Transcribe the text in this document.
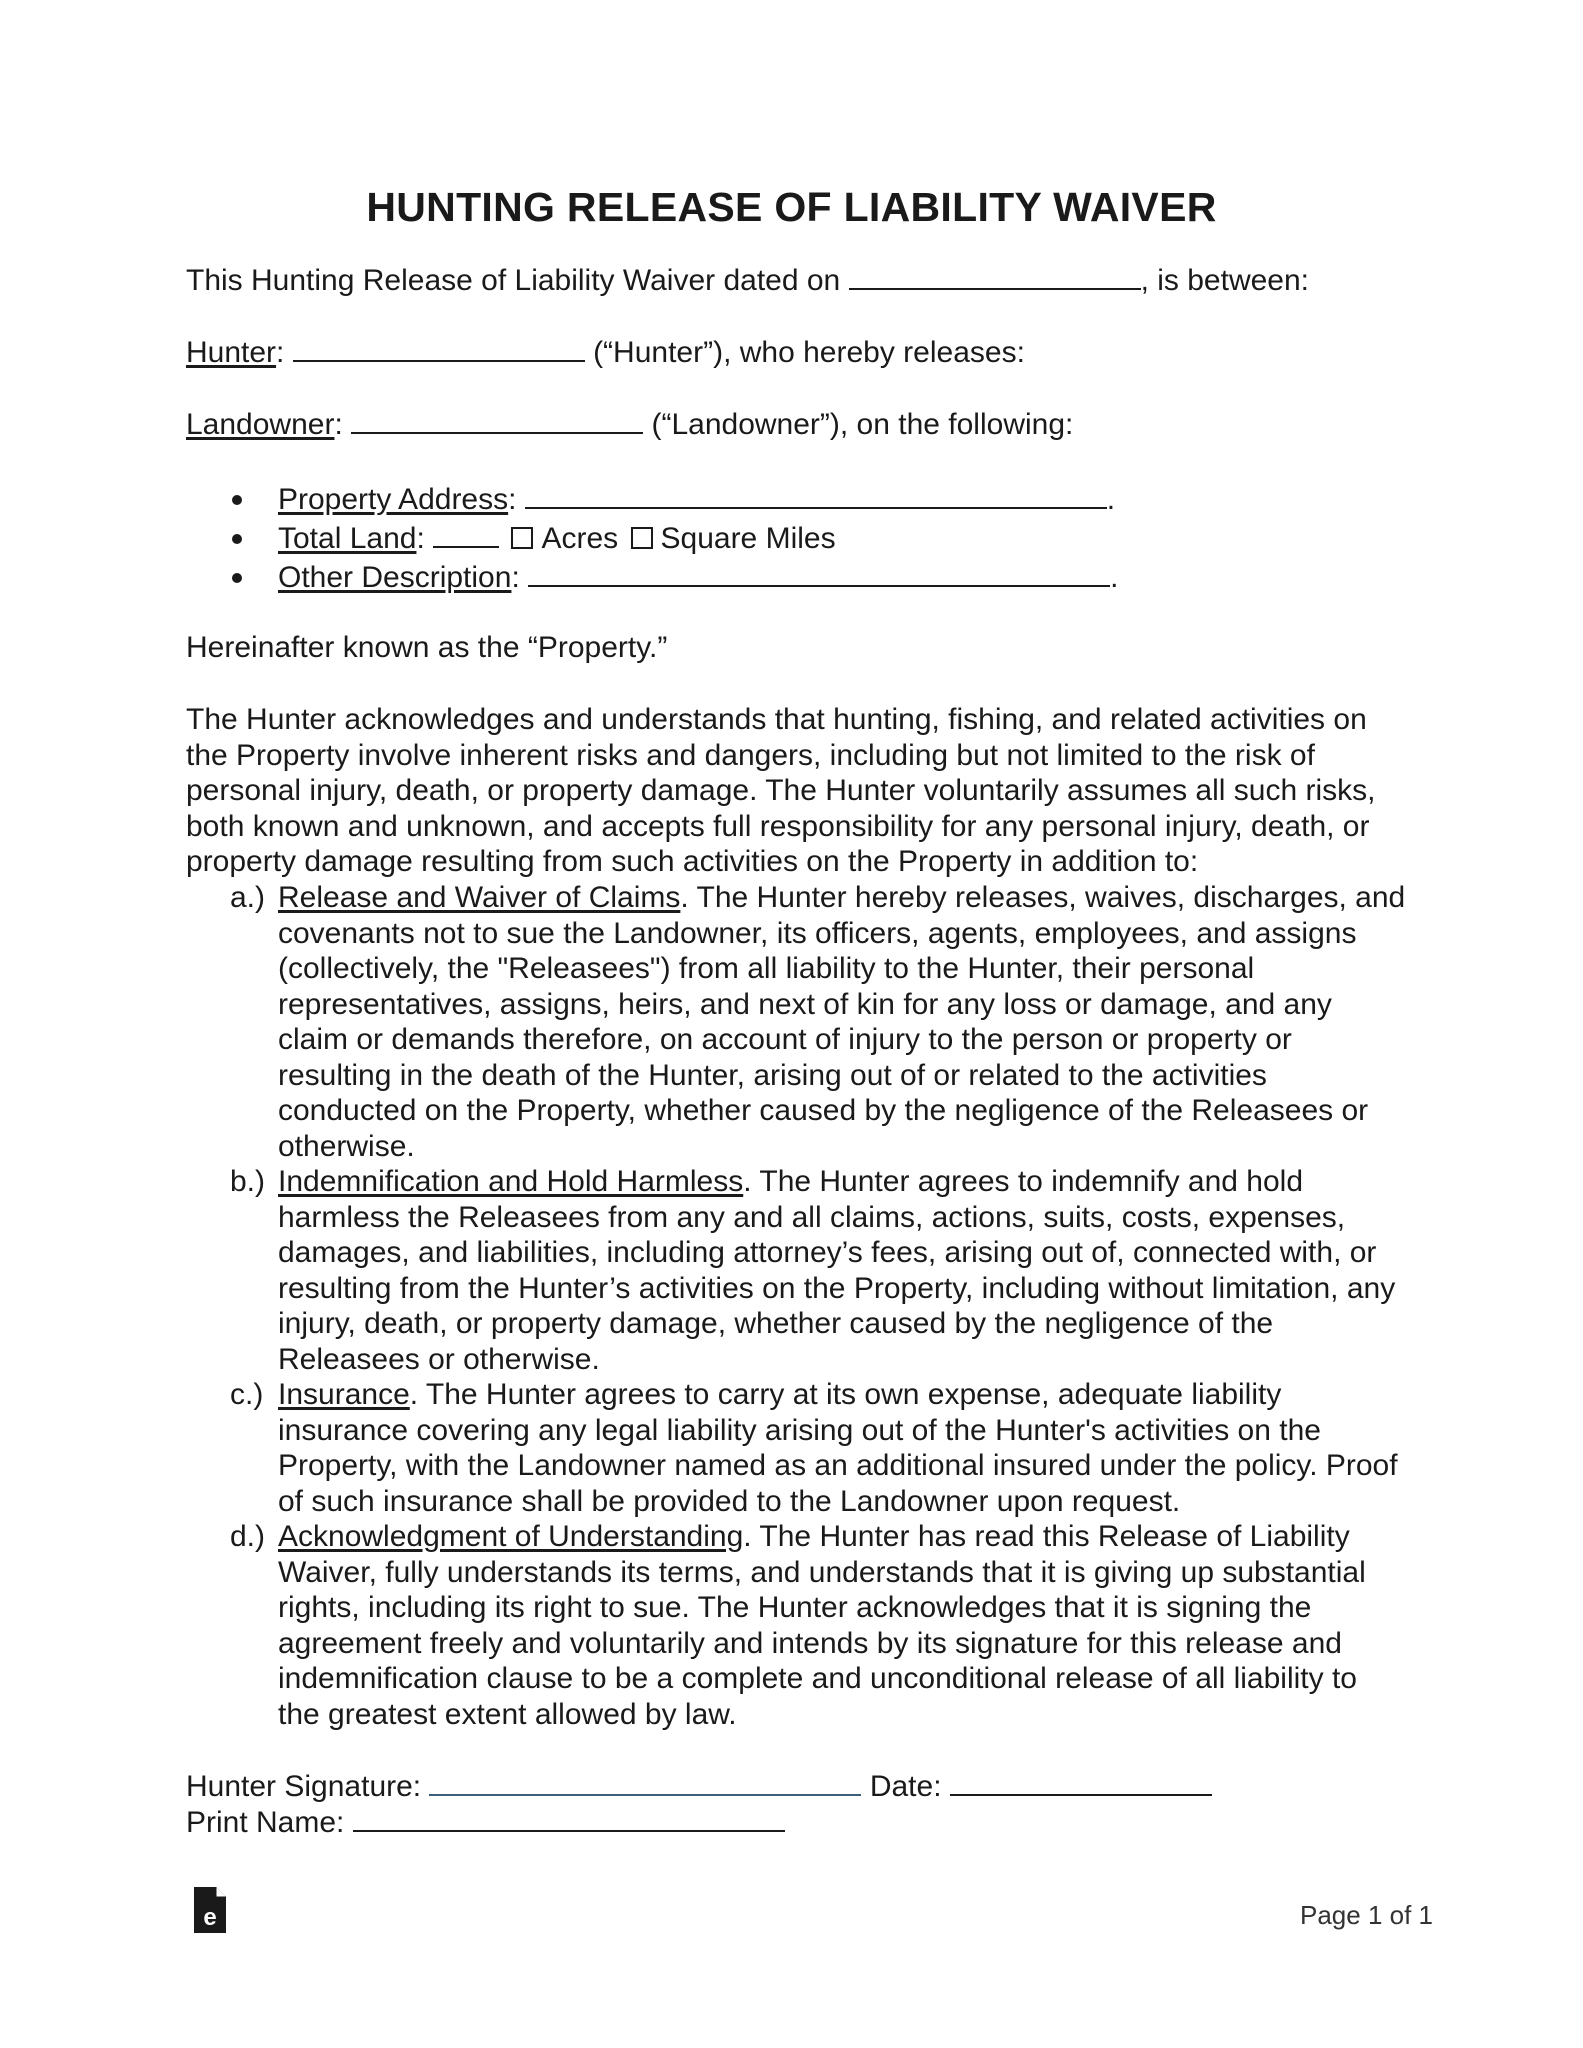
HUNTING RELEASE OF LIABILITY WAIVER
This Hunting Release of Liability Waiver dated on	, is between:
Hunter:	(“Hunter”), who hereby releases:
Landowner:	(“Landowner”), on the following:
Property Address:	.
Total Land:	Acres Square Miles
Other Description:	.
Hereinafter known as the “Property.”
The Hunter acknowledges and understands that hunting, fishing, and related activities on the Property involve inherent risks and dangers, including but not limited to the risk of personal injury, death, or property damage. The Hunter voluntarily assumes all such risks, both known and unknown, and accepts full responsibility for any personal injury, death, or property damage resulting from such activities on the Property in addition to:
a.) Release and Waiver of Claims. The Hunter hereby releases, waives, discharges, and covenants not to sue the Landowner, its officers, agents, employees, and assigns (collectively, the "Releasees") from all liability to the Hunter, their personal representatives, assigns, heirs, and next of kin for any loss or damage, and any claim or demands therefore, on account of injury to the person or property or resulting in the death of the Hunter, arising out of or related to the activities conducted on the Property, whether caused by the negligence of the Releasees or otherwise.
b.) Indemnification and Hold Harmless. The Hunter agrees to indemnify and hold harmless the Releasees from any and all claims, actions, suits, costs, expenses, damages, and liabilities, including attorney’s fees, arising out of, connected with, or resulting from the Hunter’s activities on the Property, including without limitation, any injury, death, or property damage, whether caused by the negligence of the Releasees or otherwise.
c.) Insurance. The Hunter agrees to carry at its own expense, adequate liability insurance covering any legal liability arising out of the Hunter's activities on the Property, with the Landowner named as an additional insured under the policy. Proof of such insurance shall be provided to the Landowner upon request.
d.) Acknowledgment of Understanding. The Hunter has read this Release of Liability Waiver, fully understands its terms, and understands that it is giving up substantial rights, including its right to sue. The Hunter acknowledges that it is signing the agreement freely and voluntarily and intends by its signature for this release and indemnification clause to be a complete and unconditional release of all liability to the greatest extent allowed by law.
Hunter Signature:	Date:
Print Name:
e	Page 1 of 1
